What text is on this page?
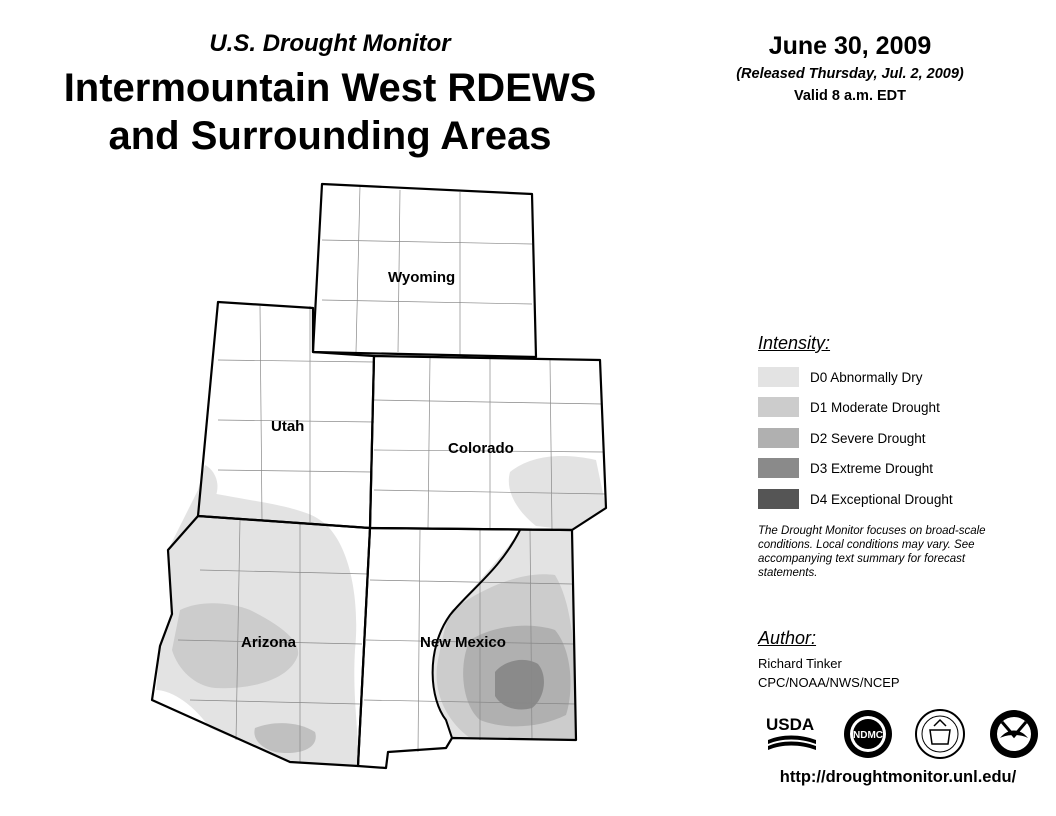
U.S. Drought Monitor
Intermountain West RDEWS
and Surrounding Areas
June 30, 2009
(Released Thursday, Jul. 2, 2009)
Valid 8 a.m. EDT
Wyoming
Utah
Colorado
Arizona	New Mexico
Intensity:
D0 Abnormally Dry
D1 Moderate Drought
D2 Severe Drought
D3 Extreme Drought
D4 Exceptional Drought
The Drought Monitor focuses on broad-scale conditions. Local conditions may vary. See accompanying text summary for forecast statements.
Author:
Richard Tinker
CPC/NOAA/NWS/NCEP
USDA
NDMC
http://droughtmonitor.unl.edu/
